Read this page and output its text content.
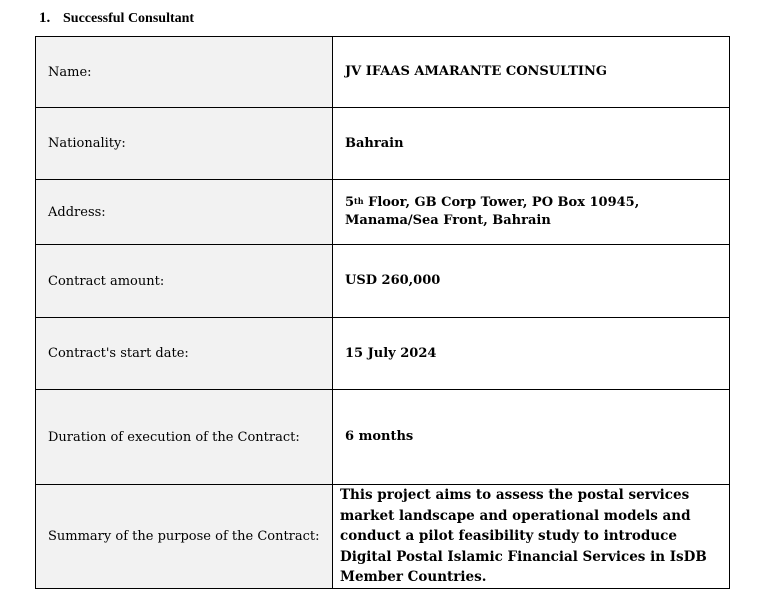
1. Successful Consultant
Name:	JV IFAAS AMARANTE CONSULTING
Nationality:	Bahrain
Address:	5th Floor, GB Corp Tower, PO Box 10945, Manama/Sea Front, Bahrain
Contract amount:	USD 260,000
Contract's start date:	15 July 2024
Duration of execution of the Contract:	6 months
Summary of the purpose of the Contract:	This project aims to assess the postal services market landscape and operational models and conduct a pilot feasibility study to introduce Digital Postal Islamic Financial Services in IsDB Member Countries.
